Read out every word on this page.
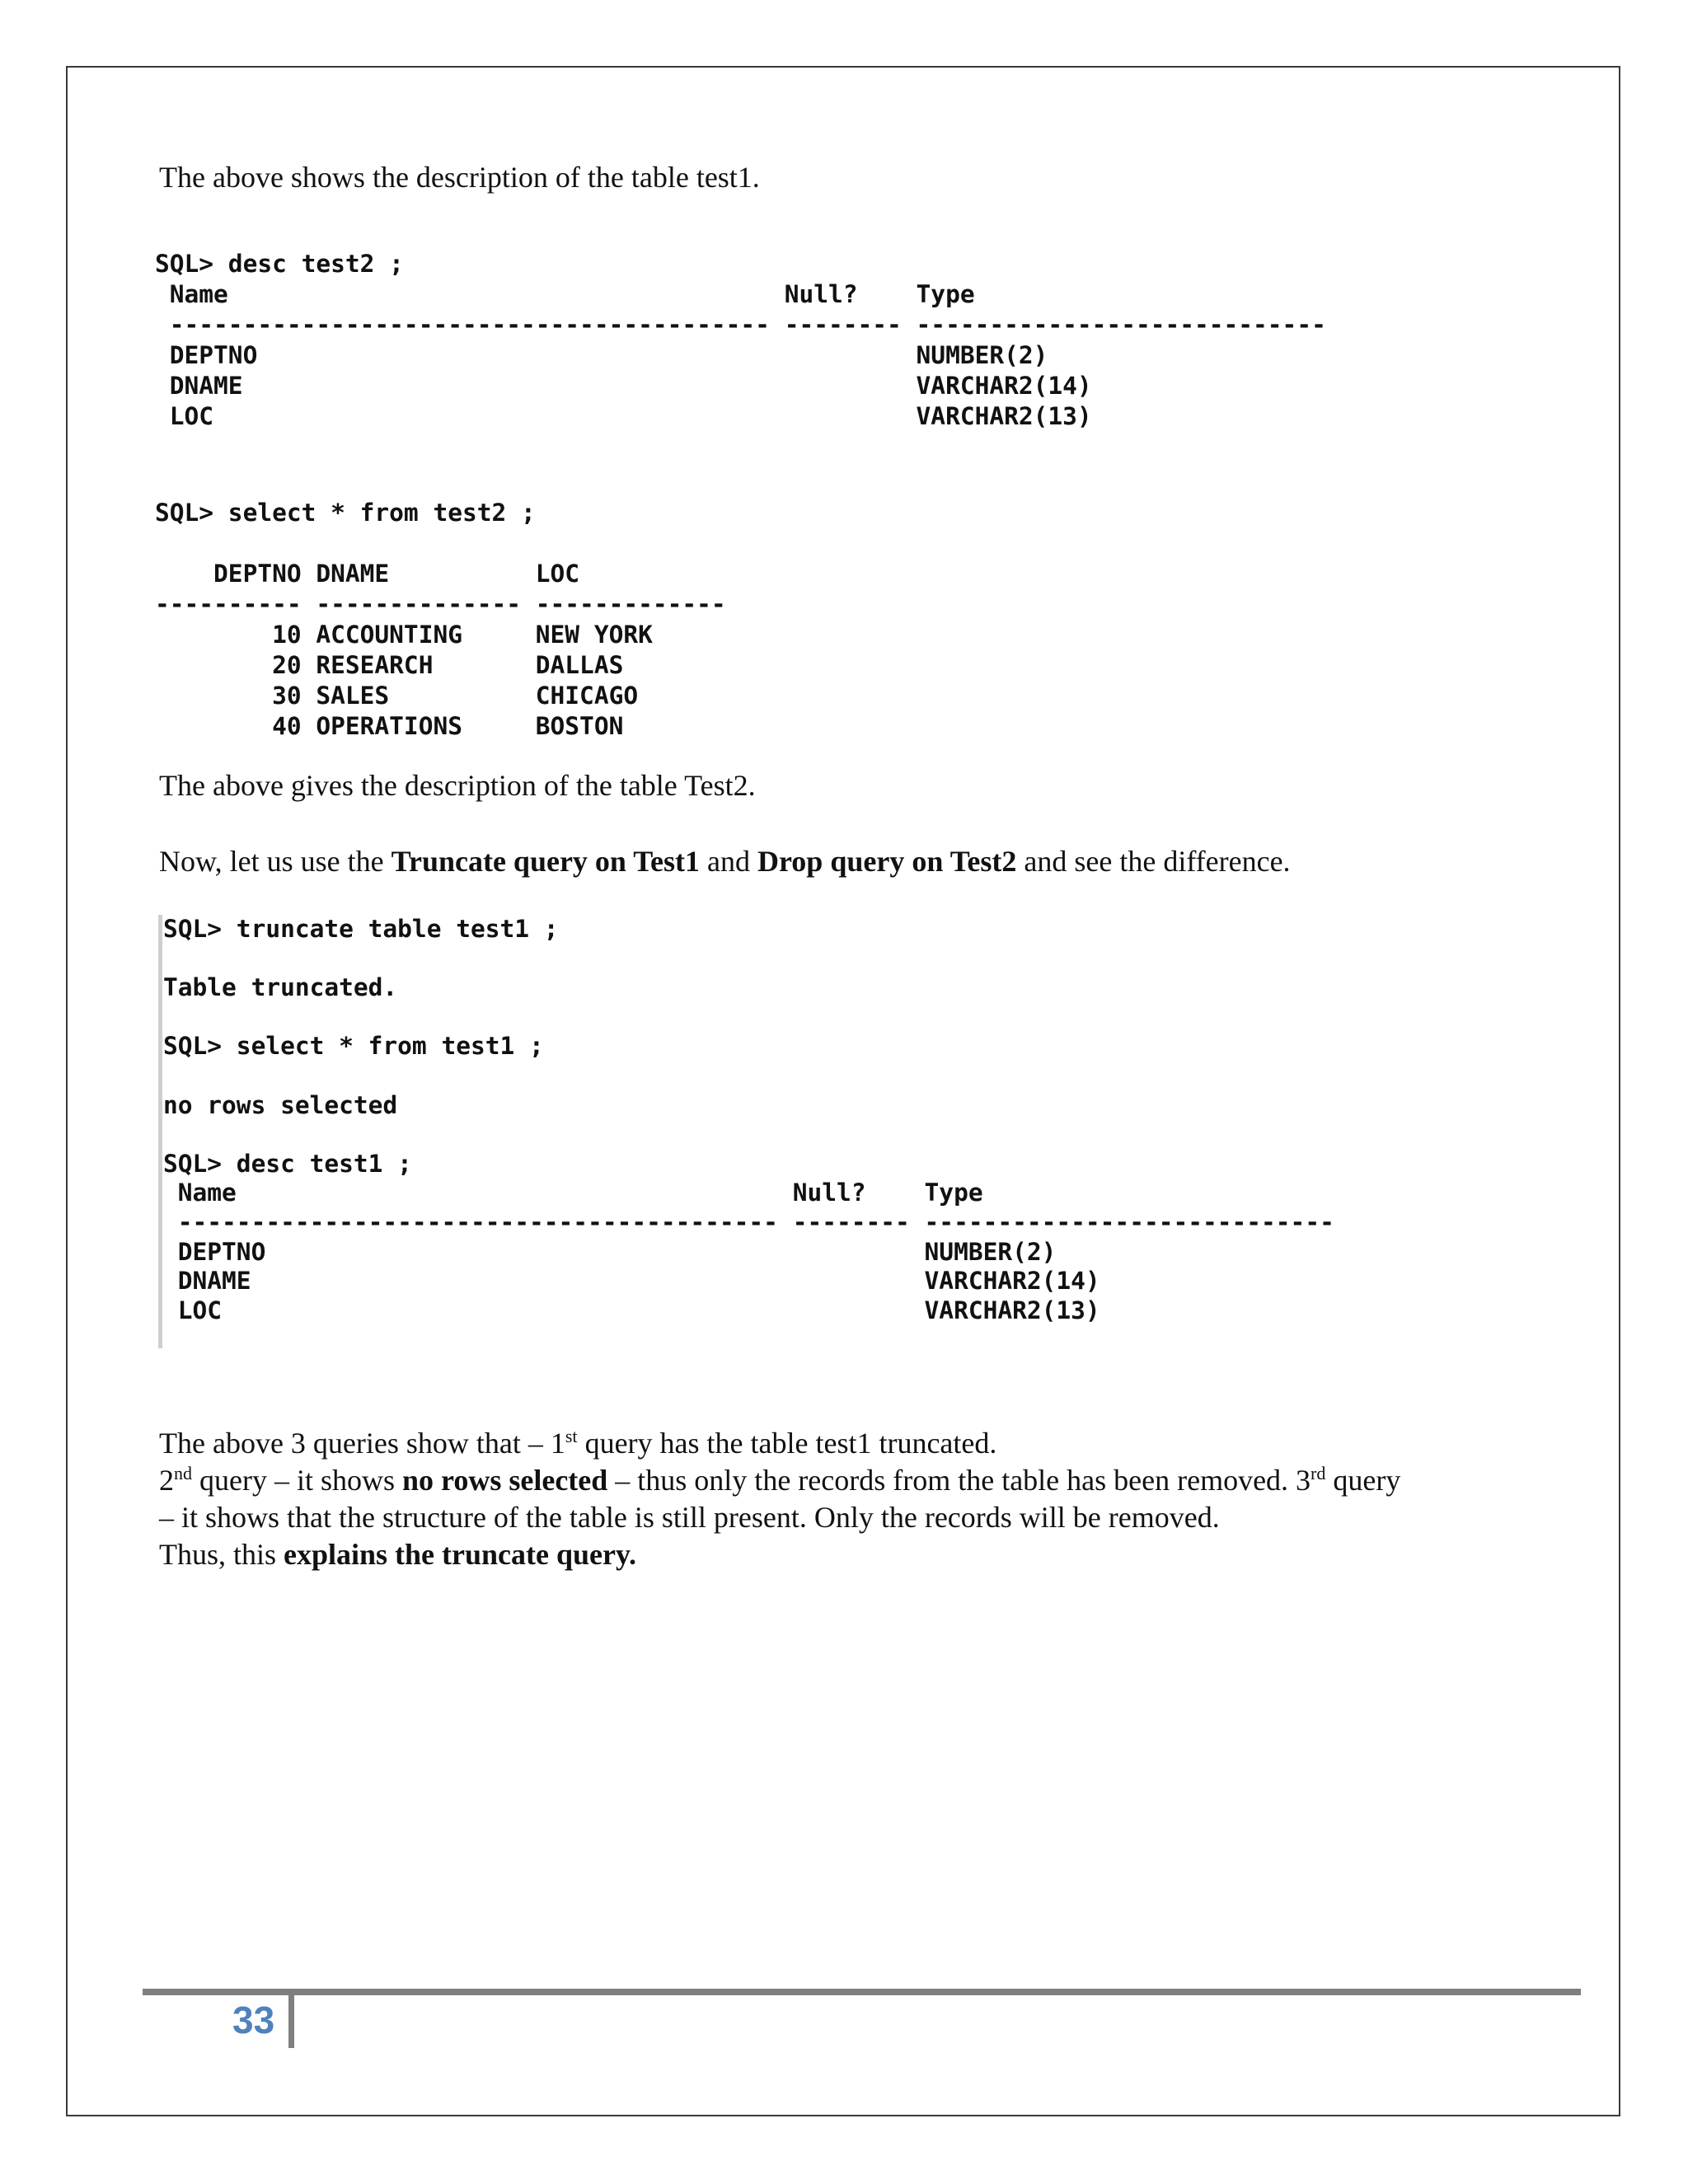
The above shows the description of the table test1.
SQL> desc test2 ;
Name                                      Null?    Type
----------------------------------------- -------- ----------------------------
DEPTNO                                             NUMBER(2)
DNAME                                              VARCHAR2(14)
LOC                                                VARCHAR2(13)
SQL> select * from test2 ;

DEPTNO DNAME          LOC
---------- -------------- -------------
10 ACCOUNTING     NEW YORK
20 RESEARCH       DALLAS
30 SALES          CHICAGO
40 OPERATIONS     BOSTON
The above gives the description of the table Test2.
Now, let us use the Truncate query on Test1 and Drop query on Test2 and see the difference.
SQL> truncate table test1 ;

Table truncated.

SQL> select * from test1 ;

no rows selected

SQL> desc test1 ;
Name                                      Null?    Type
----------------------------------------- -------- ----------------------------
DEPTNO                                             NUMBER(2)
DNAME                                              VARCHAR2(14)
LOC                                                VARCHAR2(13)
The above 3 queries show that – 1st query has the table test1 truncated.
2nd query – it shows no rows selected – thus only the records from the table has been removed. 3rd query
– it shows that the structure of the table is still present. Only the records will be removed.
Thus, this explains the truncate query.
33
